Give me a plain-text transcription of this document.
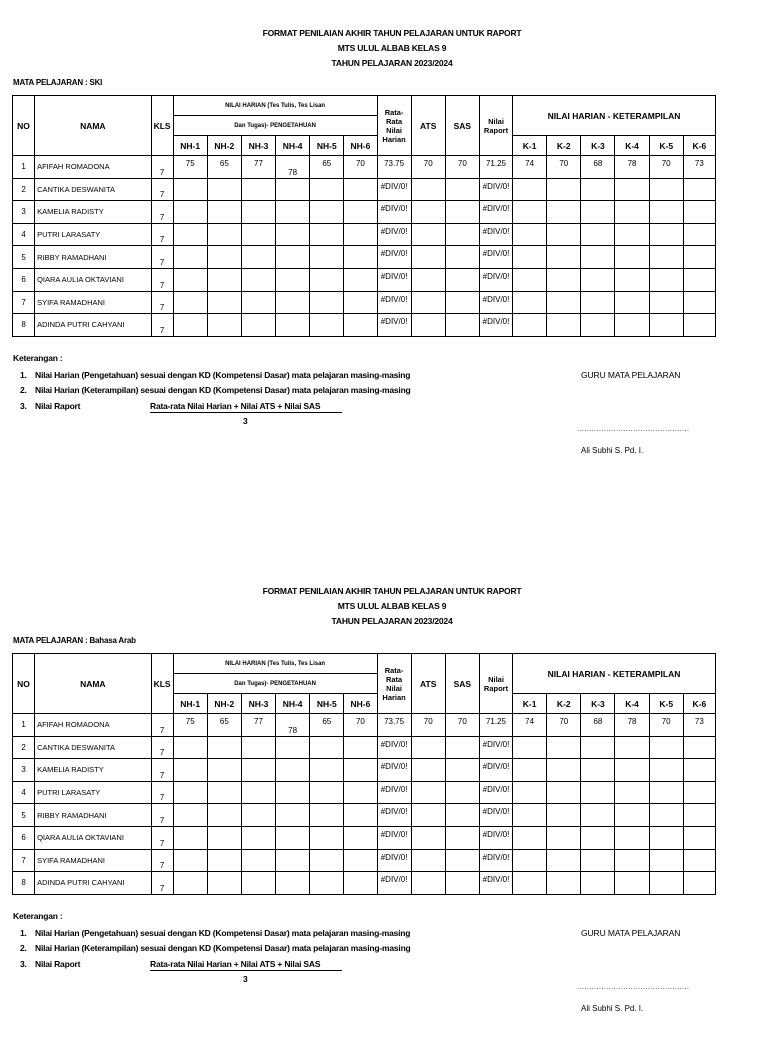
FORMAT PENILAIAN AKHIR TAHUN PELAJARAN UNTUK RAPORT
MTS ULUL ALBAB KELAS 9
TAHUN PELAJARAN 2023/2024
MATA PELAJARAN : SKI
NO	NAMA	KLS	NILAI HARIAN (Tes Tulis, Tes Lisan						Rata-Rata Nilai Harian	ATS	SAS	Nilai Raport	NILAI HARIAN - KETERAMPILAN					
			Dan Tugas)- PENGETAHUAN															
			NH-1	NH-2	NH-3	NH-4	NH-5	NH-6					K-1	K-2	K-3	K-4	K-5	K-6
1	AFIFAH ROMADONA	7	75	65	77	78	65	70	73.75	70	70	71.25	74	70	68	78	70	73
2	CANTIKA DESWANITA	7							#DIV/0!			#DIV/0!						
3	KAMELIA RADISTY	7							#DIV/0!			#DIV/0!						
4	PUTRI LARASATY	7							#DIV/0!			#DIV/0!						
5	RIBBY RAMADHANI	7							#DIV/0!			#DIV/0!						
6	QIARA AULIA OKTAVIANI	7							#DIV/0!			#DIV/0!						
7	SYIFA RAMADHANI	7							#DIV/0!			#DIV/0!						
8	ADINDA PUTRI CAHYANI	7							#DIV/0!			#DIV/0!						
Keterangan :
1. Nilai Harian (Pengetahuan) sesuai dengan KD (Kompetensi Dasar) mata pelajaran masing-masing
2. Nilai Harian (Keterampilan) sesuai dengan KD (Kompetensi Dasar) mata pelajaran masing-masing
3. Nilai Raport	Rata-rata Nilai Harian + Nilai ATS + Nilai SAS
3
GURU MATA PELAJARAN
..............................................
Ali Subhi S. Pd. I.
FORMAT PENILAIAN AKHIR TAHUN PELAJARAN UNTUK RAPORT
MTS ULUL ALBAB KELAS 9
TAHUN PELAJARAN 2023/2024
MATA PELAJARAN : Bahasa Arab
NO	NAMA	KLS	NILAI HARIAN (Tes Tulis, Tes Lisan						Rata-Rata Nilai Harian	ATS	SAS	Nilai Raport	NILAI HARIAN - KETERAMPILAN					
			Dan Tugas)- PENGETAHUAN															
			NH-1	NH-2	NH-3	NH-4	NH-5	NH-6					K-1	K-2	K-3	K-4	K-5	K-6
1	AFIFAH ROMADONA	7	75	65	77	78	65	70	73.75	70	70	71.25	74	70	68	78	70	73
2	CANTIKA DESWANITA	7							#DIV/0!			#DIV/0!						
3	KAMELIA RADISTY	7							#DIV/0!			#DIV/0!						
4	PUTRI LARASATY	7							#DIV/0!			#DIV/0!						
5	RIBBY RAMADHANI	7							#DIV/0!			#DIV/0!						
6	QIARA AULIA OKTAVIANI	7							#DIV/0!			#DIV/0!						
7	SYIFA RAMADHANI	7							#DIV/0!			#DIV/0!						
8	ADINDA PUTRI CAHYANI	7							#DIV/0!			#DIV/0!						
Keterangan :
1. Nilai Harian (Pengetahuan) sesuai dengan KD (Kompetensi Dasar) mata pelajaran masing-masing
2. Nilai Harian (Keterampilan) sesuai dengan KD (Kompetensi Dasar) mata pelajaran masing-masing
3. Nilai Raport	Rata-rata Nilai Harian + Nilai ATS + Nilai SAS
3
GURU MATA PELAJARAN
..............................................
Ali Subhi S. Pd. I.
